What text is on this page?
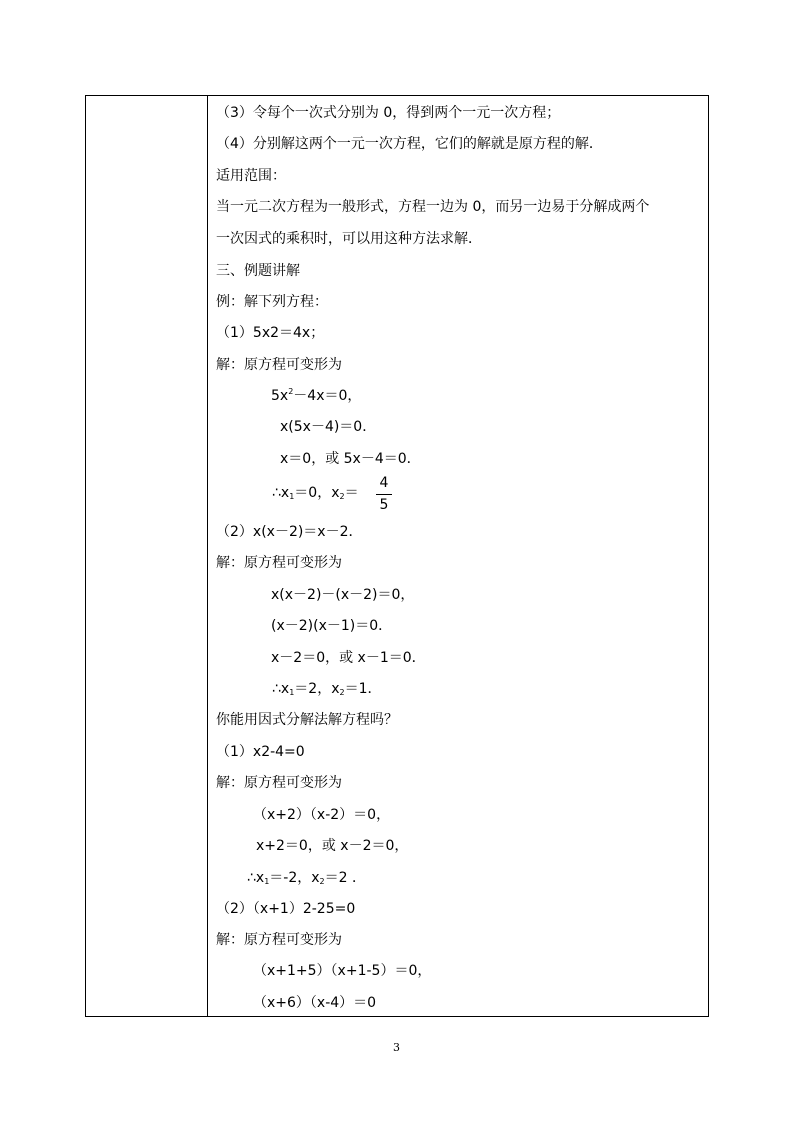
（3）令每个一次式分别为 0，得到两个一元一次方程；
（4）分别解这两个一元一次方程，它们的解就是原方程的解．
适用范围：
当一元二次方程为一般形式，方程一边为 0，而另一边易于分解成两个
一次因式的乘积时，可以用这种方法求解．
三、例题讲解
例：解下列方程：
（1）5x2＝4x；
解：原方程可变形为
$5x^2-4x=0$，
x(5x－4)＝0．
x＝0，或 5x－4＝0．
∴x1＝0，x2＝
4
5
（2）x(x－2)＝x－2．
解：原方程可变形为
x(x－2)－(x－2)＝0，
(x－2)(x－1)＝0．
x－2＝0，或 x－1＝0．
∴x1＝2，x2＝1．
你能用因式分解法解方程吗？
（1）x2-4=0
解：原方程可变形为
（x+2）（x-2）＝0，
x+2＝0，或 x－2＝0，
∴x1＝-2，x2＝2 ．
（2）（x+1）2-25=0
解：原方程可变形为
（x+1+5）（x+1-5）＝0，
（x+6）（x-4）＝0
3
